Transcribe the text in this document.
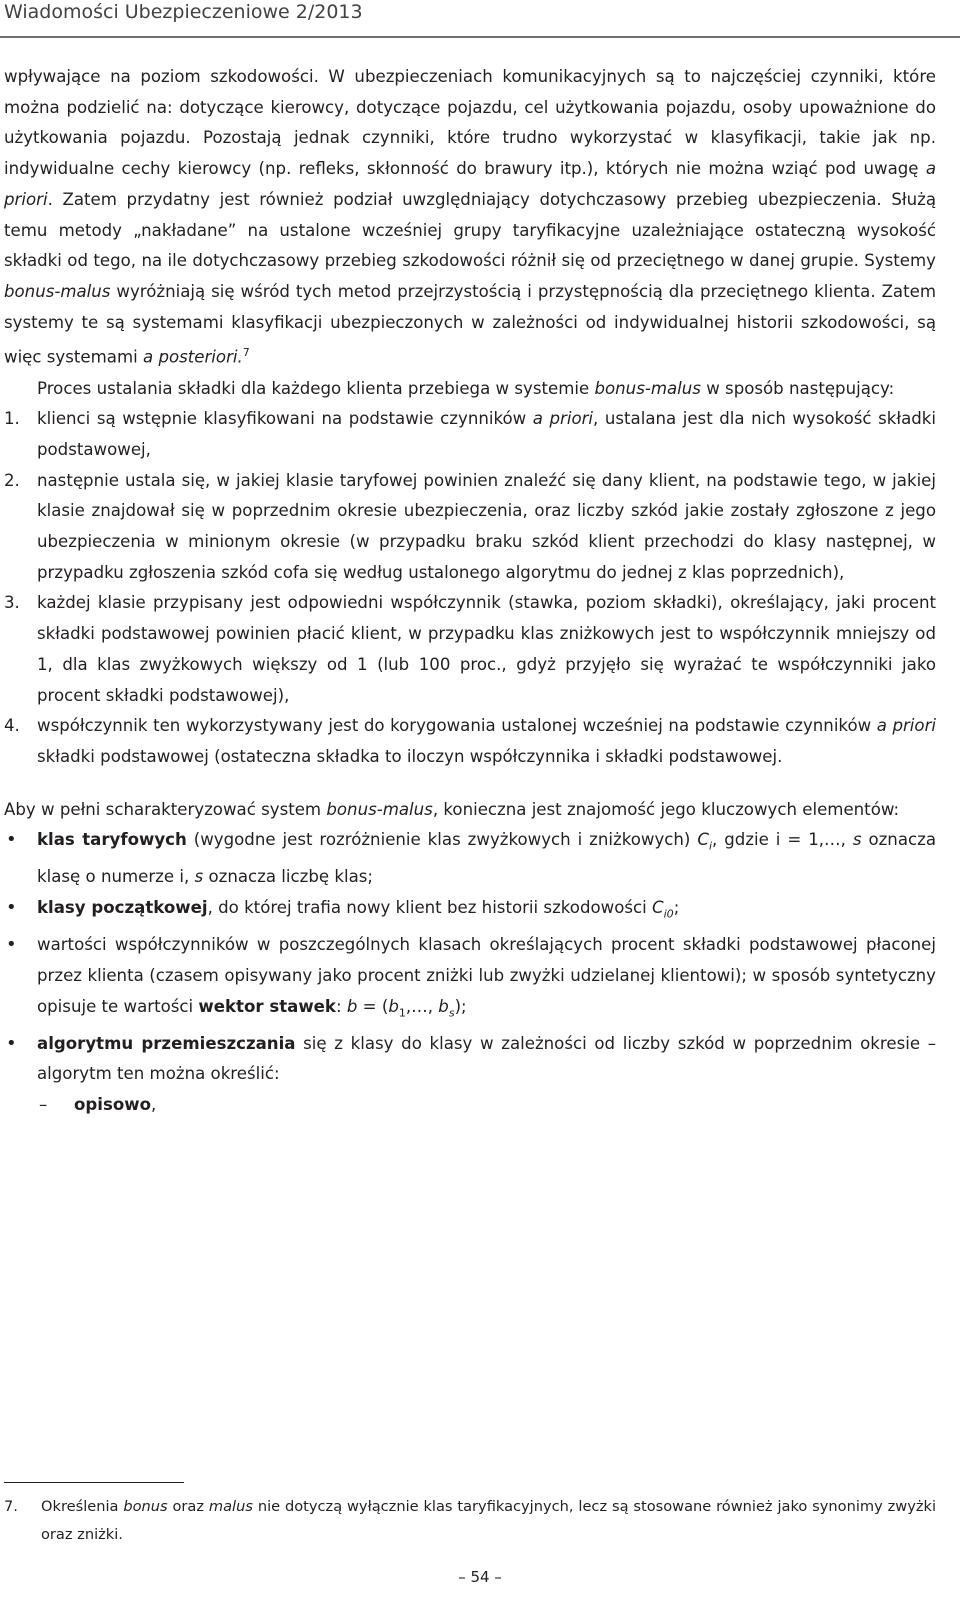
Wiadomości Ubezpieczeniowe 2/2013

wpływające na poziom szkodowości. W ubezpieczeniach komunikacyjnych są to najczęściej czynniki, które można podzielić na: dotyczące kierowcy, dotyczące pojazdu, cel użytkowania pojazdu, osoby upoważnione do użytkowania pojazdu. Pozostają jednak czynniki, które trudno wykorzystać w klasyfikacji, takie jak np. indywidualne cechy kierowcy (np. refleks, skłonność do brawury itp.), których nie można wziąć pod uwagę a priori. Zatem przydatny jest również podział uwzględniający dotychczasowy przebieg ubezpieczenia. Służą temu metody „nakładane” na ustalone wcześniej grupy taryfikacyjne uzależniające ostateczną wysokość składki od tego, na ile dotychczasowy przebieg szkodowości różnił się od przeciętnego w danej grupie. Systemy bonus-malus wyróżniają się wśród tych metod przejrzystością i przystępnością dla przeciętnego klienta. Zatem systemy te są systemami klasyfikacji ubezpieczonych w zależności od indywidualnej historii szkodowości, są więc systemami a posteriori.$^7$

Proces ustalania składki dla każdego klienta przebiega w systemie bonus-malus w sposób następujący:

1. klienci są wstępnie klasyfikowani na podstawie czynników a priori, ustalana jest dla nich wysokość składki podstawowej,
2. następnie ustala się, w jakiej klasie taryfowej powinien znaleźć się dany klient, na podstawie tego, w jakiej klasie znajdował się w poprzednim okresie ubezpieczenia, oraz liczby szkód jakie zostały zgłoszone z jego ubezpieczenia w minionym okresie (w przypadku braku szkód klient przechodzi do klasy następnej, w przypadku zgłoszenia szkód cofa się według ustalonego algorytmu do jednej z klas poprzednich),
3. każdej klasie przypisany jest odpowiedni współczynnik (stawka, poziom składki), określający, jaki procent składki podstawowej powinien płacić klient, w przypadku klas zniżkowych jest to współczynnik mniejszy od 1, dla klas zwyżkowych większy od 1 (lub 100 proc., gdyż przyjęło się wyrażać te współczynniki jako procent składki podstawowej),
4. współczynnik ten wykorzystywany jest do korygowania ustalonej wcześniej na podstawie czynników a priori składki podstawowej (ostateczna składka to iloczyn współczynnika i składki podstawowej.

Aby w pełni scharakteryzować system bonus-malus, konieczna jest znajomość jego kluczowych elementów:

• klas taryfowych (wygodne jest rozróżnienie klas zwyżkowych i zniżkowych) $C_i$, gdzie i = 1,…, s oznacza klasę o numerze i, s oznacza liczbę klas;
• klasy początkowej, do której trafia nowy klient bez historii szkodowości $C_{i0}$;
• wartości współczynników w poszczególnych klasach określających procent składki podstawowej płaconej przez klienta (czasem opisywany jako procent zniżki lub zwyżki udzielanej klientowi); w sposób syntetyczny opisuje te wartości wektor stawek: $b = (b_1,\dots$, $b_s$);
• algorytmu przemieszczania się z klasy do klasy w zależności od liczby szkód w poprzednim okresie – algorytm ten można określić:
– opisowo,
7.	Określenia bonus oraz malus nie dotyczą wyłącznie klas taryfikacyjnych, lecz są stosowane również jako synonimy zwyżki oraz zniżki.
– 54 –
